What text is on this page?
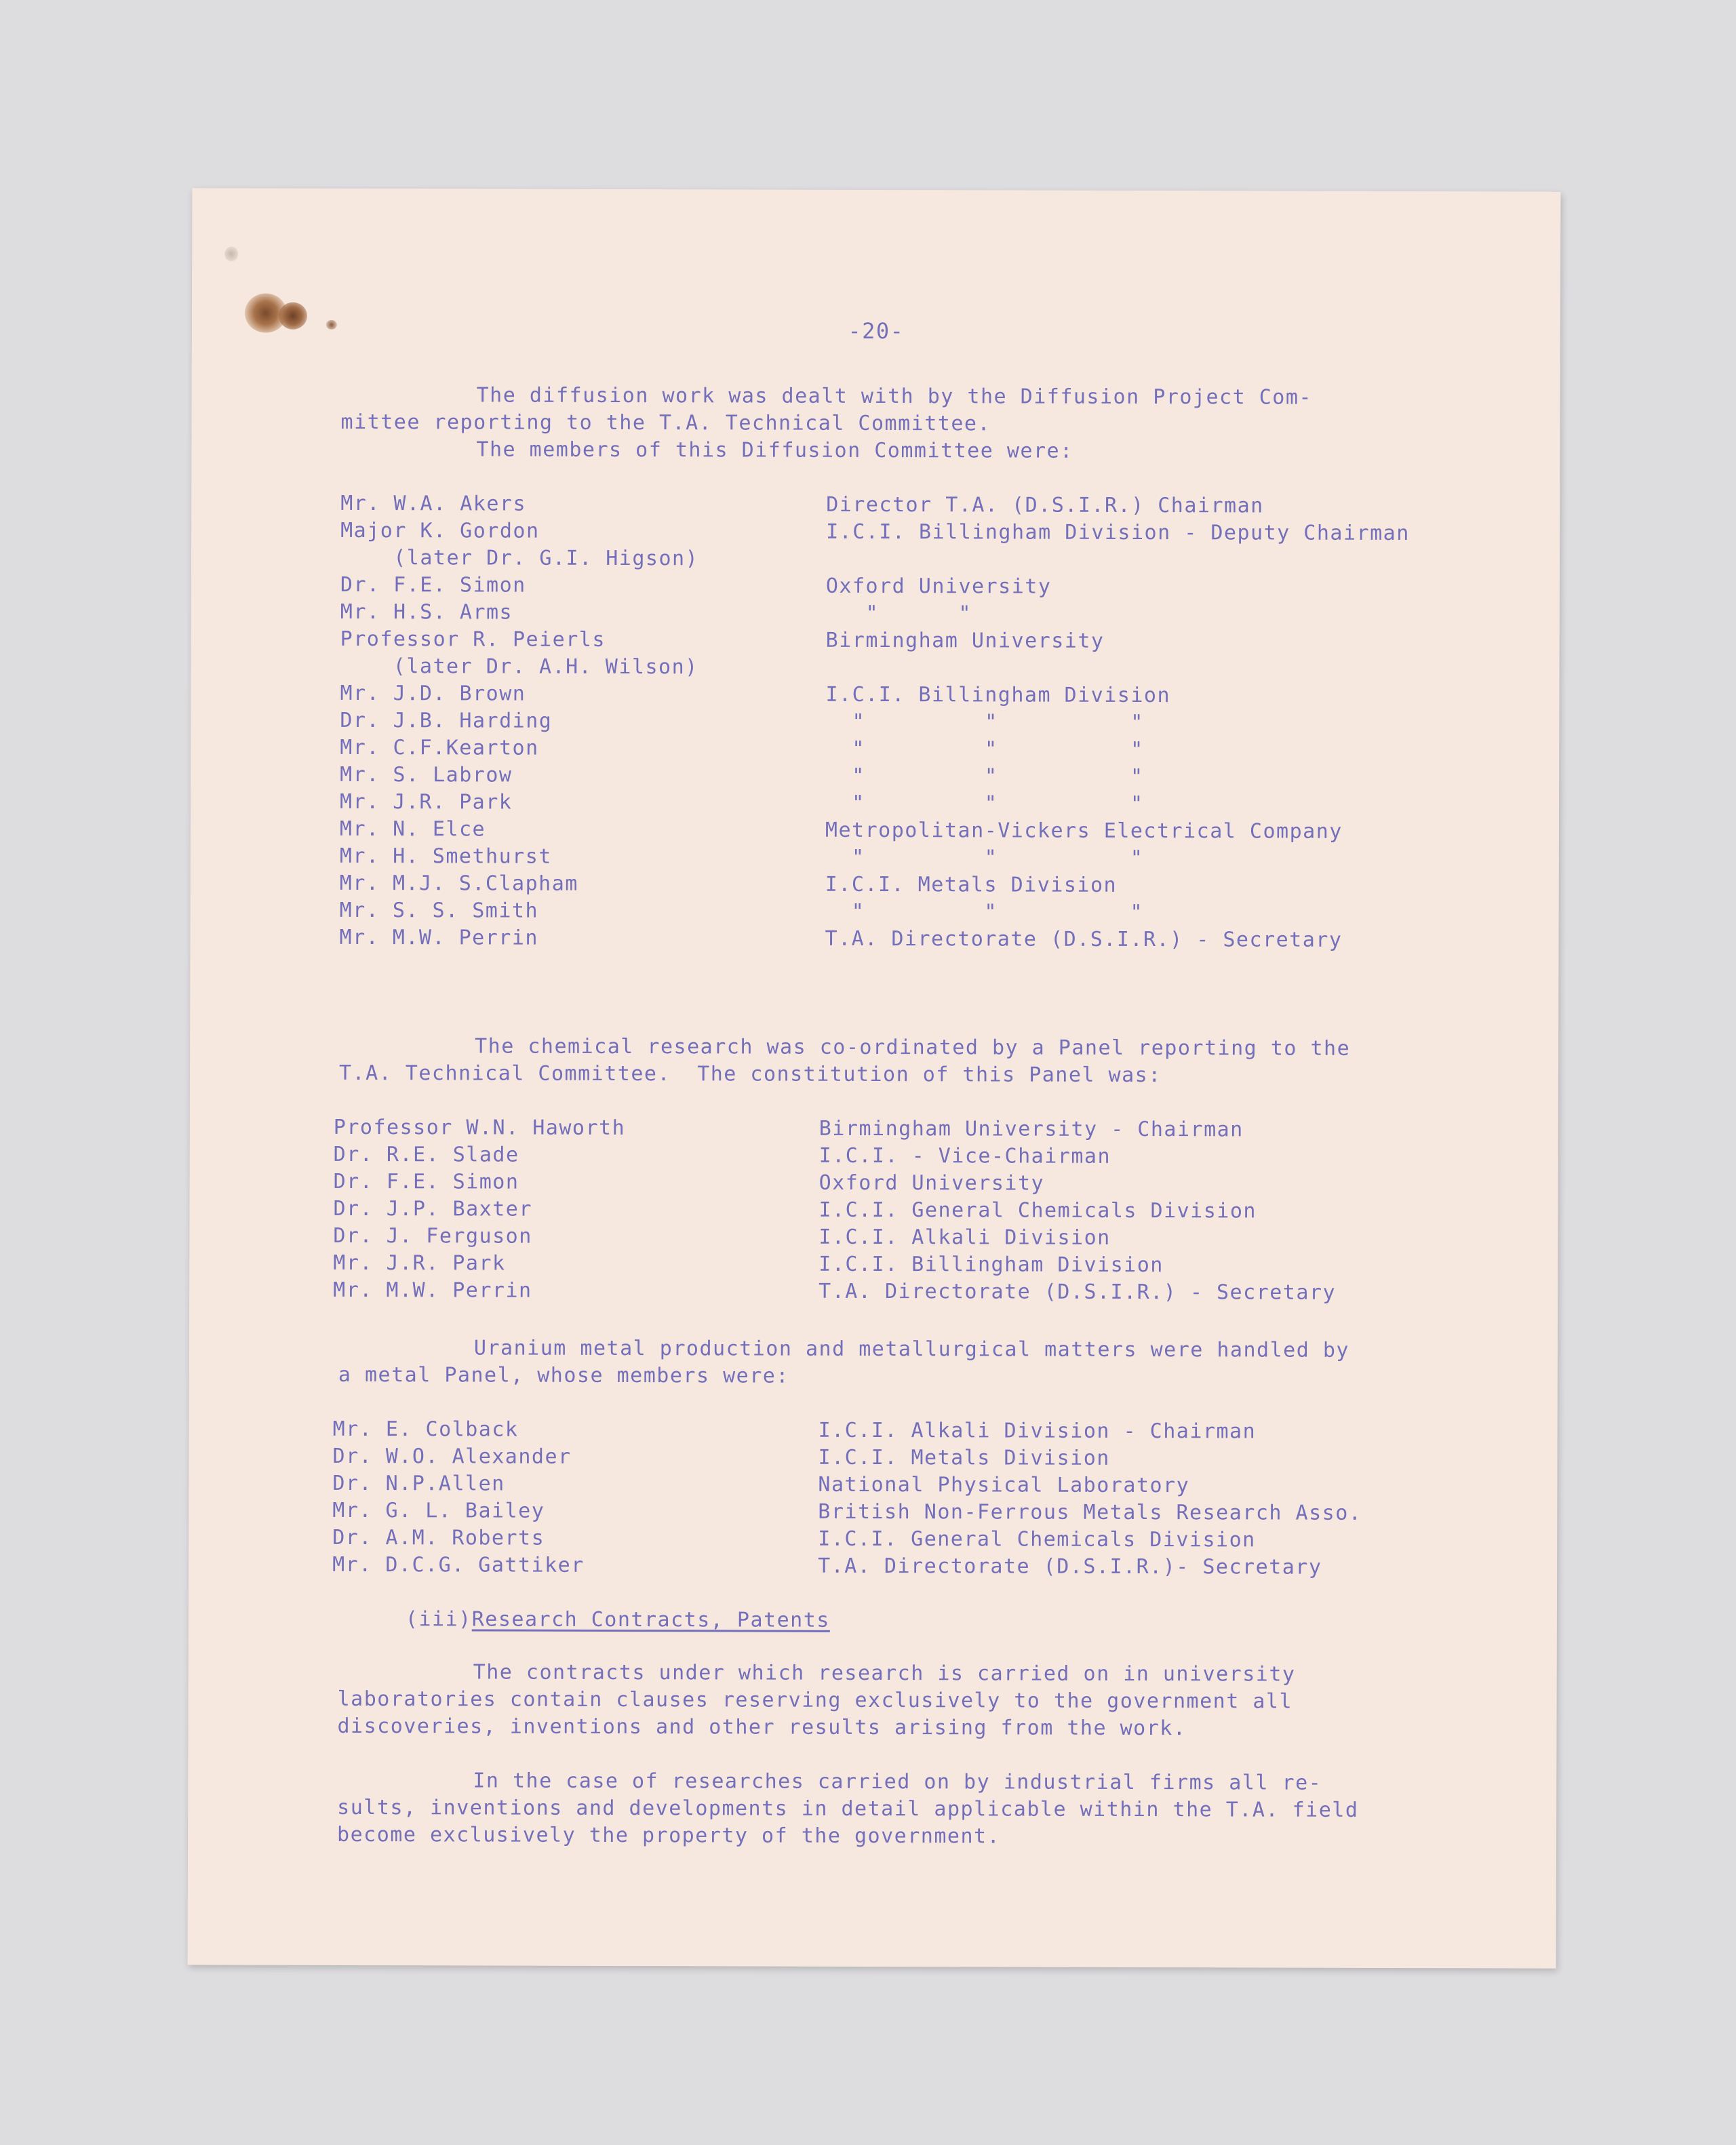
-20-
The diffusion work was dealt with by the Diffusion Project Com-
mittee reporting to the T.A. Technical Committee.
The members of this Diffusion Committee were:

Mr. W.A. Akers	Director T.A. (D.S.I.R.) Chairman

Major K. Gordon	I.C.I. Billingham Division - Deputy Chairman

(later Dr. G.I. Higson)

Dr. F.E. Simon	Oxford University

Mr. H.S. Arms	"      "

Professor R. Peierls	Birmingham University

(later Dr. A.H. Wilson)

Mr. J.D. Brown	I.C.I. Billingham Division

Dr. J.B. Harding	"         "          "

Mr. C.F.Kearton	"         "          "

Mr. S. Labrow	"         "          "

Mr. J.R. Park	"         "          "

Mr. N. Elce	Metropolitan-Vickers Electrical Company

Mr. H. Smethurst	"         "          "

Mr. M.J. S.Clapham	I.C.I. Metals Division

Mr. S. S. Smith	"         "          "

Mr. M.W. Perrin	T.A. Directorate (D.S.I.R.) - Secretary

The chemical research was co-ordinated by a Panel reporting to the
T.A. Technical Committee.  The constitution of this Panel was:

Professor W.N. Haworth	Birmingham University - Chairman

Dr. R.E. Slade	I.C.I. - Vice-Chairman

Dr. F.E. Simon	Oxford University

Dr. J.P. Baxter	I.C.I. General Chemicals Division

Dr. J. Ferguson	I.C.I. Alkali Division

Mr. J.R. Park	I.C.I. Billingham Division

Mr. M.W. Perrin	T.A. Directorate (D.S.I.R.) - Secretary

Uranium metal production and metallurgical matters were handled by
a metal Panel, whose members were:

Mr. E. Colback	I.C.I. Alkali Division - Chairman

Dr. W.O. Alexander	I.C.I. Metals Division

Dr. N.P.Allen	National Physical Laboratory

Mr. G. L. Bailey	British Non-Ferrous Metals Research Asso.

Dr. A.M. Roberts	I.C.I. General Chemicals Division

Mr. D.C.G. Gattiker	T.A. Directorate (D.S.I.R.)- Secretary

(iii)Research Contracts, Patents
The contracts under which research is carried on in university
laboratories contain clauses reserving exclusively to the government all
discoveries, inventions and other results arising from the work.
In the case of researches carried on by industrial firms all re-
sults, inventions and developments in detail applicable within the T.A. field
become exclusively the property of the government.
